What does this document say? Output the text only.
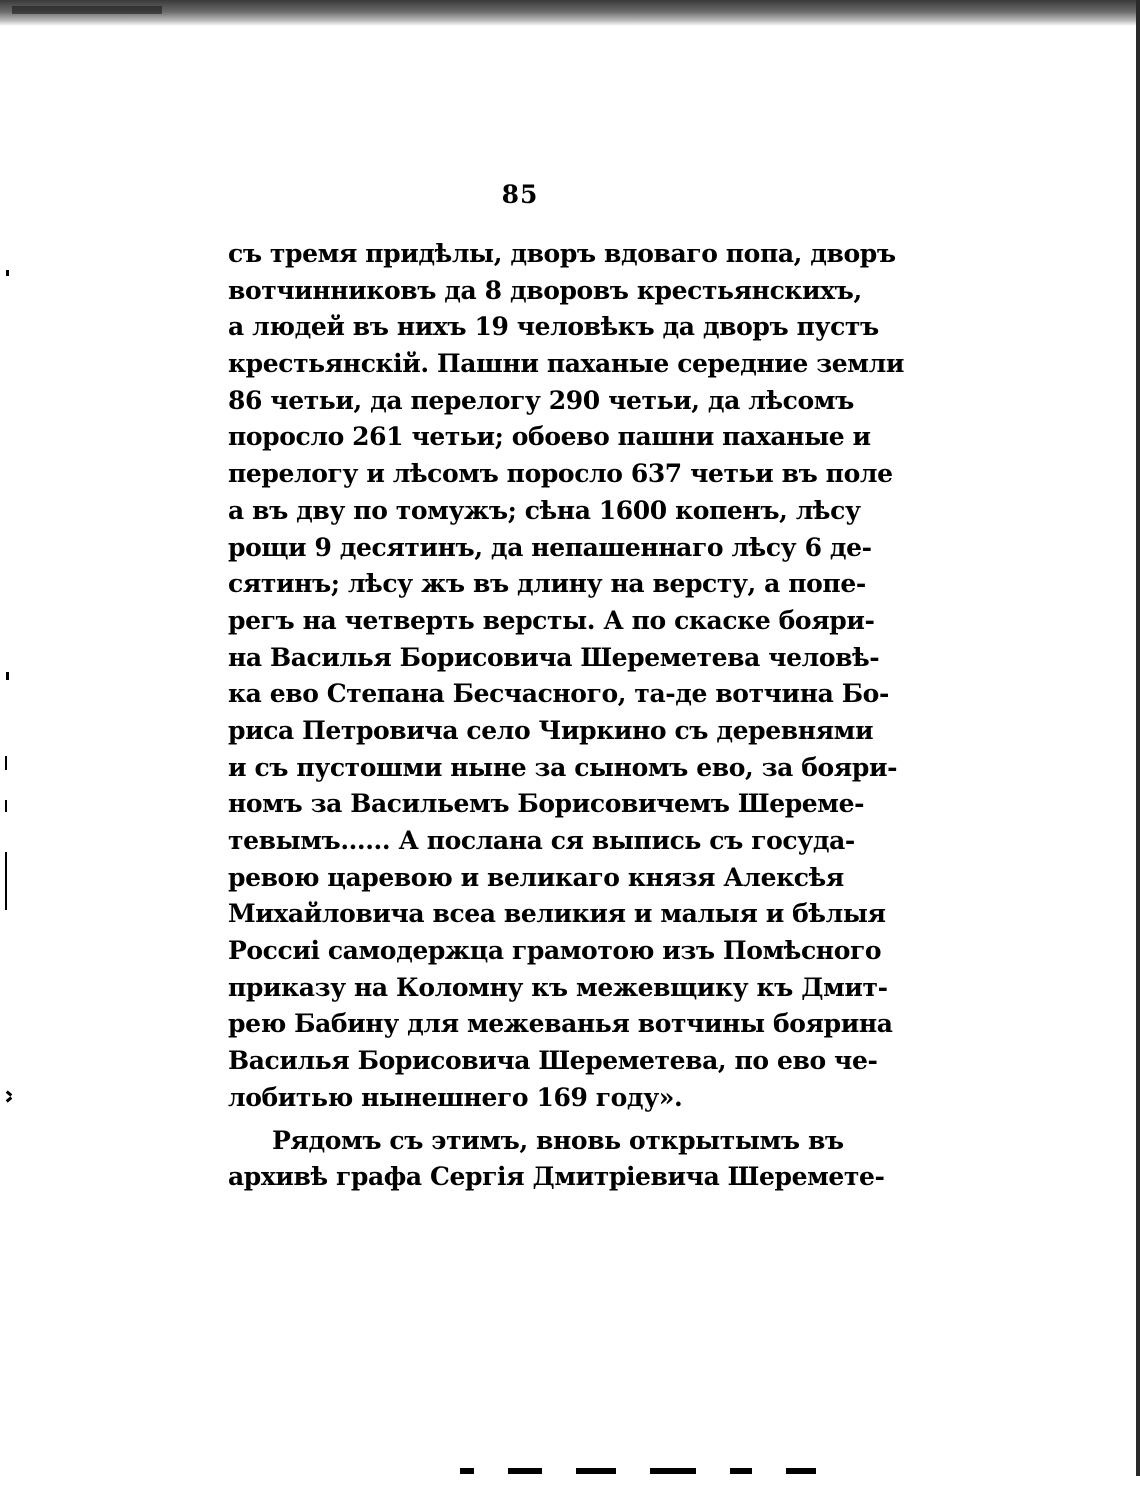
85
съ тремя придѣлы, дворъ вдоваго попа, дворъ
вотчинниковъ да 8 дворовъ крестьянскихъ,
а людей въ нихъ 19 человѣкъ да дворъ пустъ
крестьянскій. Пашни паханые середние земли
86 четьи, да перелогу 290 четьи, да лѣсомъ
поросло 261 четьи; обоево пашни паханые и
перелогу и лѣсомъ поросло 637 четьи въ поле
а въ дву по томужъ; сѣна 1600 копенъ, лѣсу
рощи 9 десятинъ, да непашеннаго лѣсу 6 де-
сятинъ; лѣсу жъ въ длину на версту, а попе-
регъ на четверть версты. А по скаске бояри-
на Василья Борисовича Шереметева человѣ-
ка ево Степана Бесчасного, та-де вотчина Бо-
риса Петровича село Чиркино съ деревнями
и съ пустошми ныне за сыномъ ево, за бояри-
номъ за Васильемъ Борисовичемъ Шереме-
тевымъ...... А послана ся выпись съ госуда-
ревою царевою и великаго князя Алексѣя
Михайловича всеа великия и малыя и бѣлыя
Россиі самодержца грамотою изъ Помѣсного
приказу на Коломну къ межевщику къ Дмит-
рею Бабину для межеванья вотчины боярина
Василья Борисовича Шереметева, по ево че-
лобитью нынешнего 169 году».
Рядомъ съ этимъ, вновь открытымъ въ
архивѣ графа Сергія Дмитріевича Шеремете-
